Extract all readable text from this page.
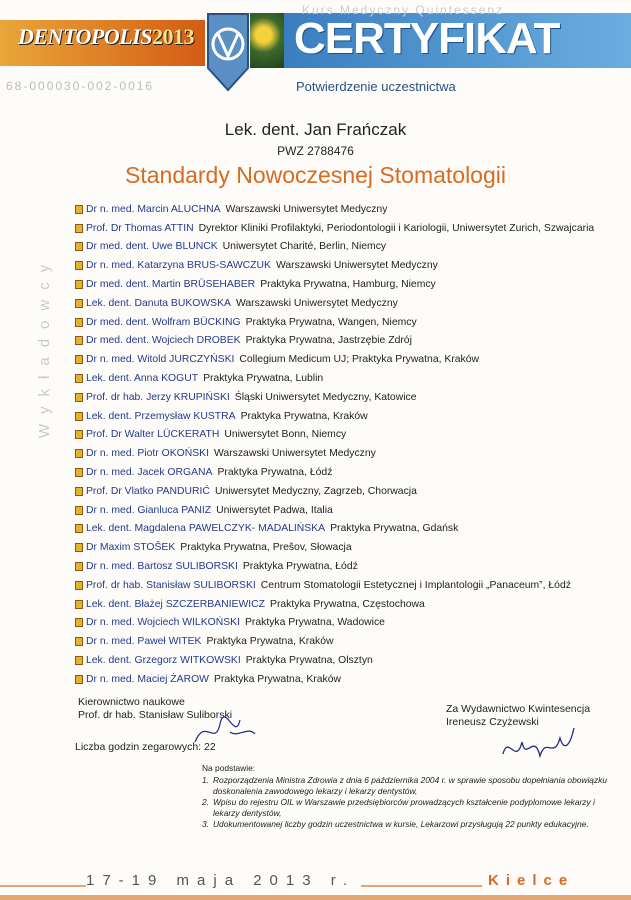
DENTOPOLIS2013
Kurs Medyczny Quintessenz
CERTYFIKAT
Potwierdzenie uczestnictwa
68-000030-002-0016
Lek. dent. Jan Frańczak
PWZ 2788476
Standardy Nowoczesnej Stomatologii
Wykładowcy
Dr n. med. Marcin ALUCHNA Warszawski Uniwersytet Medyczny
Prof. Dr Thomas ATTIN Dyrektor Kliniki Profilaktyki, Periodontologii i Kariologii, Uniwersytet Zurich, Szwajcaria
Dr med. dent. Uwe BLUNCK Uniwersytet Charité, Berlin, Niemcy
Dr n. med. Katarzyna BRUS-SAWCZUK Warszawski Uniwersytet Medyczny
Dr med. dent. Martin BRÜSEHABER Praktyka Prywatna, Hamburg, Niemcy
Lek. dent. Danuta BUKOWSKA Warszawski Uniwersytet Medyczny
Dr med. dent. Wolfram BÜCKING Praktyka Prywatna, Wangen, Niemcy
Dr med. dent. Wojciech DROBEK Praktyka Prywatna, Jastrzębie Zdrój
Dr n. med. Witold JURCZYŃSKI Collegium Medicum UJ; Praktyka Prywatna, Kraków
Lek. dent. Anna KOGUT Praktyka Prywatna, Lublin
Prof. dr hab. Jerzy KRUPIŃSKI Śląski Uniwersytet Medyczny, Katowice
Lek. dent. Przemysław KUSTRA Praktyka Prywatna, Kraków
Prof. Dr Walter LÜCKERATH Uniwersytet Bonn, Niemcy
Dr n. med. Piotr OKOŃSKI Warszawski Uniwersytet Medyczny
Dr n. med. Jacek ORGANA Praktyka Prywatna, Łódź
Prof. Dr Vlatko PANDURIĆ Uniwersytet Medyczny, Zagrzeb, Chorwacja
Dr n. med. Gianluca PANIZ Uniwersytet Padwa, Italia
Lek. dent. Magdalena PAWELCZYK- MADALIŃSKA Praktyka Prywatna, Gdańsk
Dr Maxim STOŠEK Praktyka Prywatna, Prešov, Słowacja
Dr n. med. Bartosz SULIBORSKI Praktyka Prywatna, Łódź
Prof. dr hab. Stanisław SULIBORSKI Centrum Stomatologii Estetycznej i Implantologii „Panaceum”, Łódź
Lek. dent. Błażej SZCZERBANIEWICZ Praktyka Prywatna, Częstochowa
Dr n. med. Wojciech WILKOŃSKI Praktyka Prywatna, Wadowice
Dr n. med. Paweł WITEK Praktyka Prywatna, Kraków
Lek. dent. Grzegorz WITKOWSKI Praktyka Prywatna, Olsztyn
Dr n. med. Maciej ŻAROW Praktyka Prywatna, Kraków
Kierownictwo naukowe
Prof. dr hab. Stanisław Suliborski
Liczba godzin zegarowych: 22
Za Wydawnictwo Kwintesencja
Ireneusz Czyżewski
Na podstawie:
1. Rozporządzenia Ministra Zdrowia z dnia 6 października 2004 r. w sprawie sposobu dopełniania obowiązku doskonalenia zawodowego lekarzy i lekarzy dentystów,
2. Wpisu do rejestru OIL w Warszawie przedsiębiorców prowadzących kształcenie podyplomowe lekarzy i lekarzy dentystów,
3. Udokumentowanej liczby godzin uczestnictwa w kursie, Lekarzowi przysługują 22 punkty edukacyjne.
17-19 maja 2013 r.	Kielce
